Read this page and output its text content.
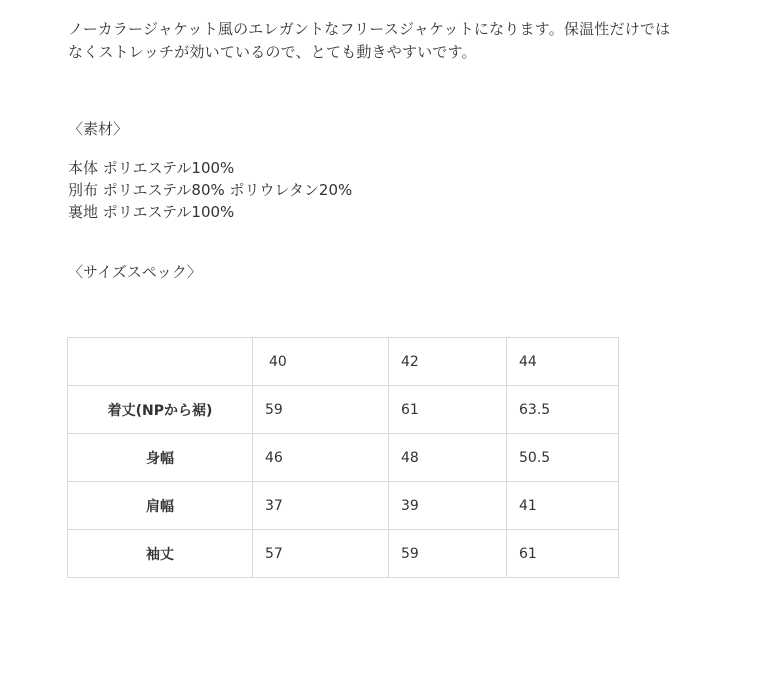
ノーカラージャケット風のエレガントなフリースジャケットになります。保温性だけでは
なくストレッチが効いているので、とても動きやすいです。

〈素材〉

本体 ポリエステル100%
別布 ポリエステル80% ポリウレタン20%
裏地 ポリエステル100%

〈サイズスペック〉

	40	42	44
着丈(NPから裾)	59	61	63.5
身幅	46	48	50.5
肩幅	37	39	41
袖丈	57	59	61
